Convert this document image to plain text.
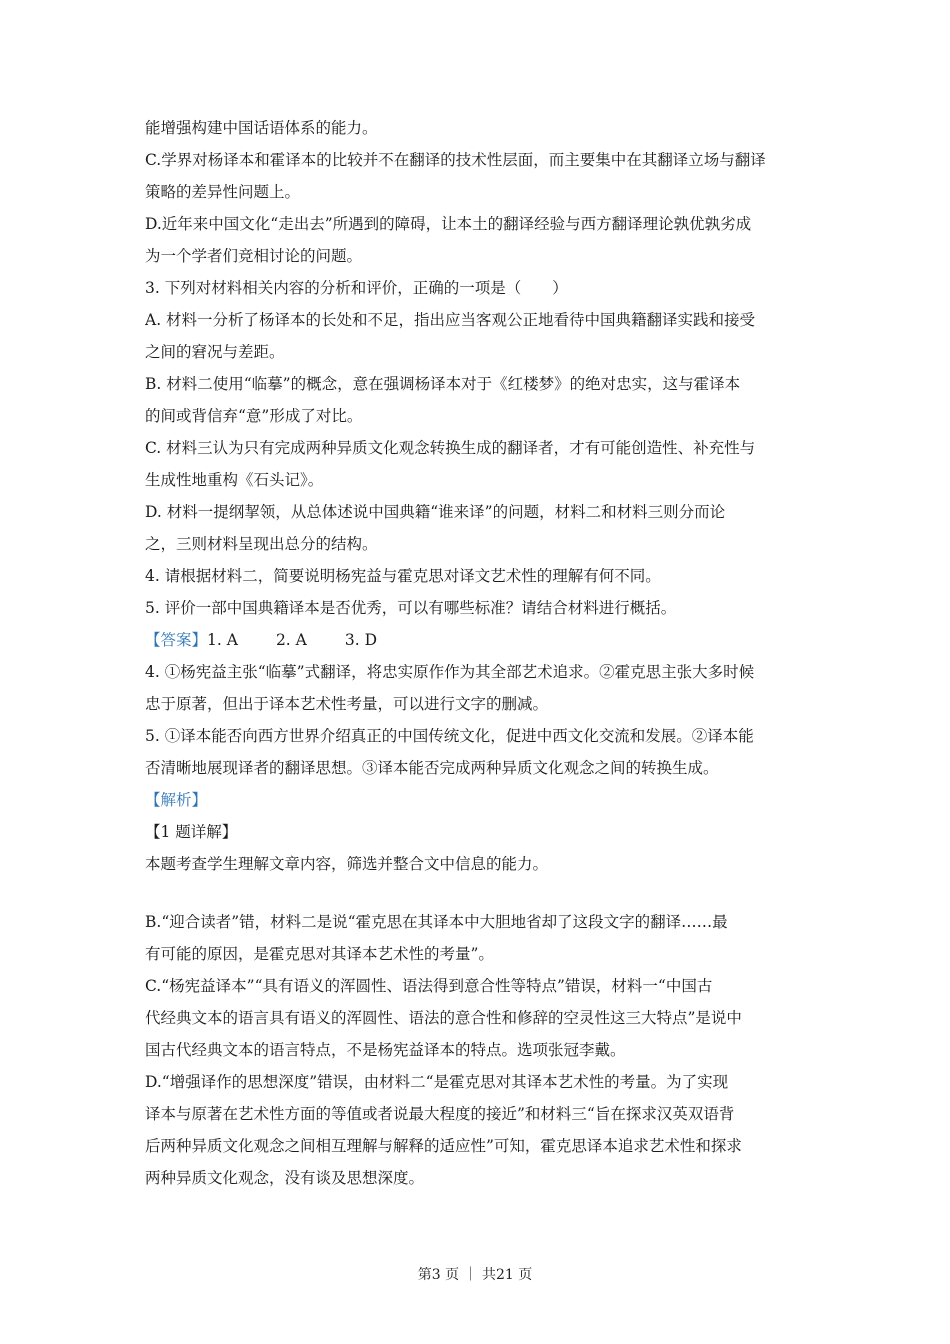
能增强构建中国话语体系的能力。
C.学界对杨译本和霍译本的比较并不在翻译的技术性层面，而主要集中在其翻译立场与翻译
策略的差异性问题上。
D.近年来中国文化“走出去”所遇到的障碍，让本土的翻译经验与西方翻译理论孰优孰劣成
为一个学者们竞相讨论的问题。
3. 下列对材料相关内容的分析和评价，正确的一项是（　　）
A. 材料一分析了杨译本的长处和不足，指出应当客观公正地看待中国典籍翻译实践和接受
之间的窘况与差距。
B. 材料二使用“临摹”的概念，意在强调杨译本对于《红楼梦》的绝对忠实，这与霍译本
的间或背信弃“意”形成了对比。
C. 材料三认为只有完成两种异质文化观念转换生成的翻译者，才有可能创造性、补充性与
生成性地重构《石头记》。
D. 材料一提纲挈领，从总体述说中国典籍“谁来译”的问题，材料二和材料三则分而论
之，三则材料呈现出总分的结构。
4. 请根据材料二，简要说明杨宪益与霍克思对译文艺术性的理解有何不同。
5. 评价一部中国典籍译本是否优秀，可以有哪些标准？请结合材料进行概括。
【答案】1. A 2. A 3. D
4. ①杨宪益主张“临摹”式翻译，将忠实原作作为其全部艺术追求。②霍克思主张大多时候
忠于原著，但出于译本艺术性考量，可以进行文字的删减。
5. ①译本能否向西方世界介绍真正的中国传统文化，促进中西文化交流和发展。②译本能
否清晰地展现译者的翻译思想。③译本能否完成两种异质文化观念之间的转换生成。
【解析】
【1 题详解】
本题考查学生理解文章内容，筛选并整合文中信息的能力。
B.“迎合读者”错，材料二是说“霍克思在其译本中大胆地省却了这段文字的翻译……最
有可能的原因，是霍克思对其译本艺术性的考量”。
C.“杨宪益译本”“具有语义的浑圆性、语法得到意合性等特点”错误，材料一“中国古
代经典文本的语言具有语义的浑圆性、语法的意合性和修辞的空灵性这三大特点”是说中
国古代经典文本的语言特点，不是杨宪益译本的特点。选项张冠李戴。
D.“增强译作的思想深度”错误，由材料二“是霍克思对其译本艺术性的考量。为了实现
译本与原著在艺术性方面的等值或者说最大程度的接近”和材料三“旨在探求汉英双语背
后两种异质文化观念之间相互理解与解释的适应性”可知，霍克思译本追求艺术性和探求
两种异质文化观念，没有谈及思想深度。
第3 页 ｜ 共21 页
